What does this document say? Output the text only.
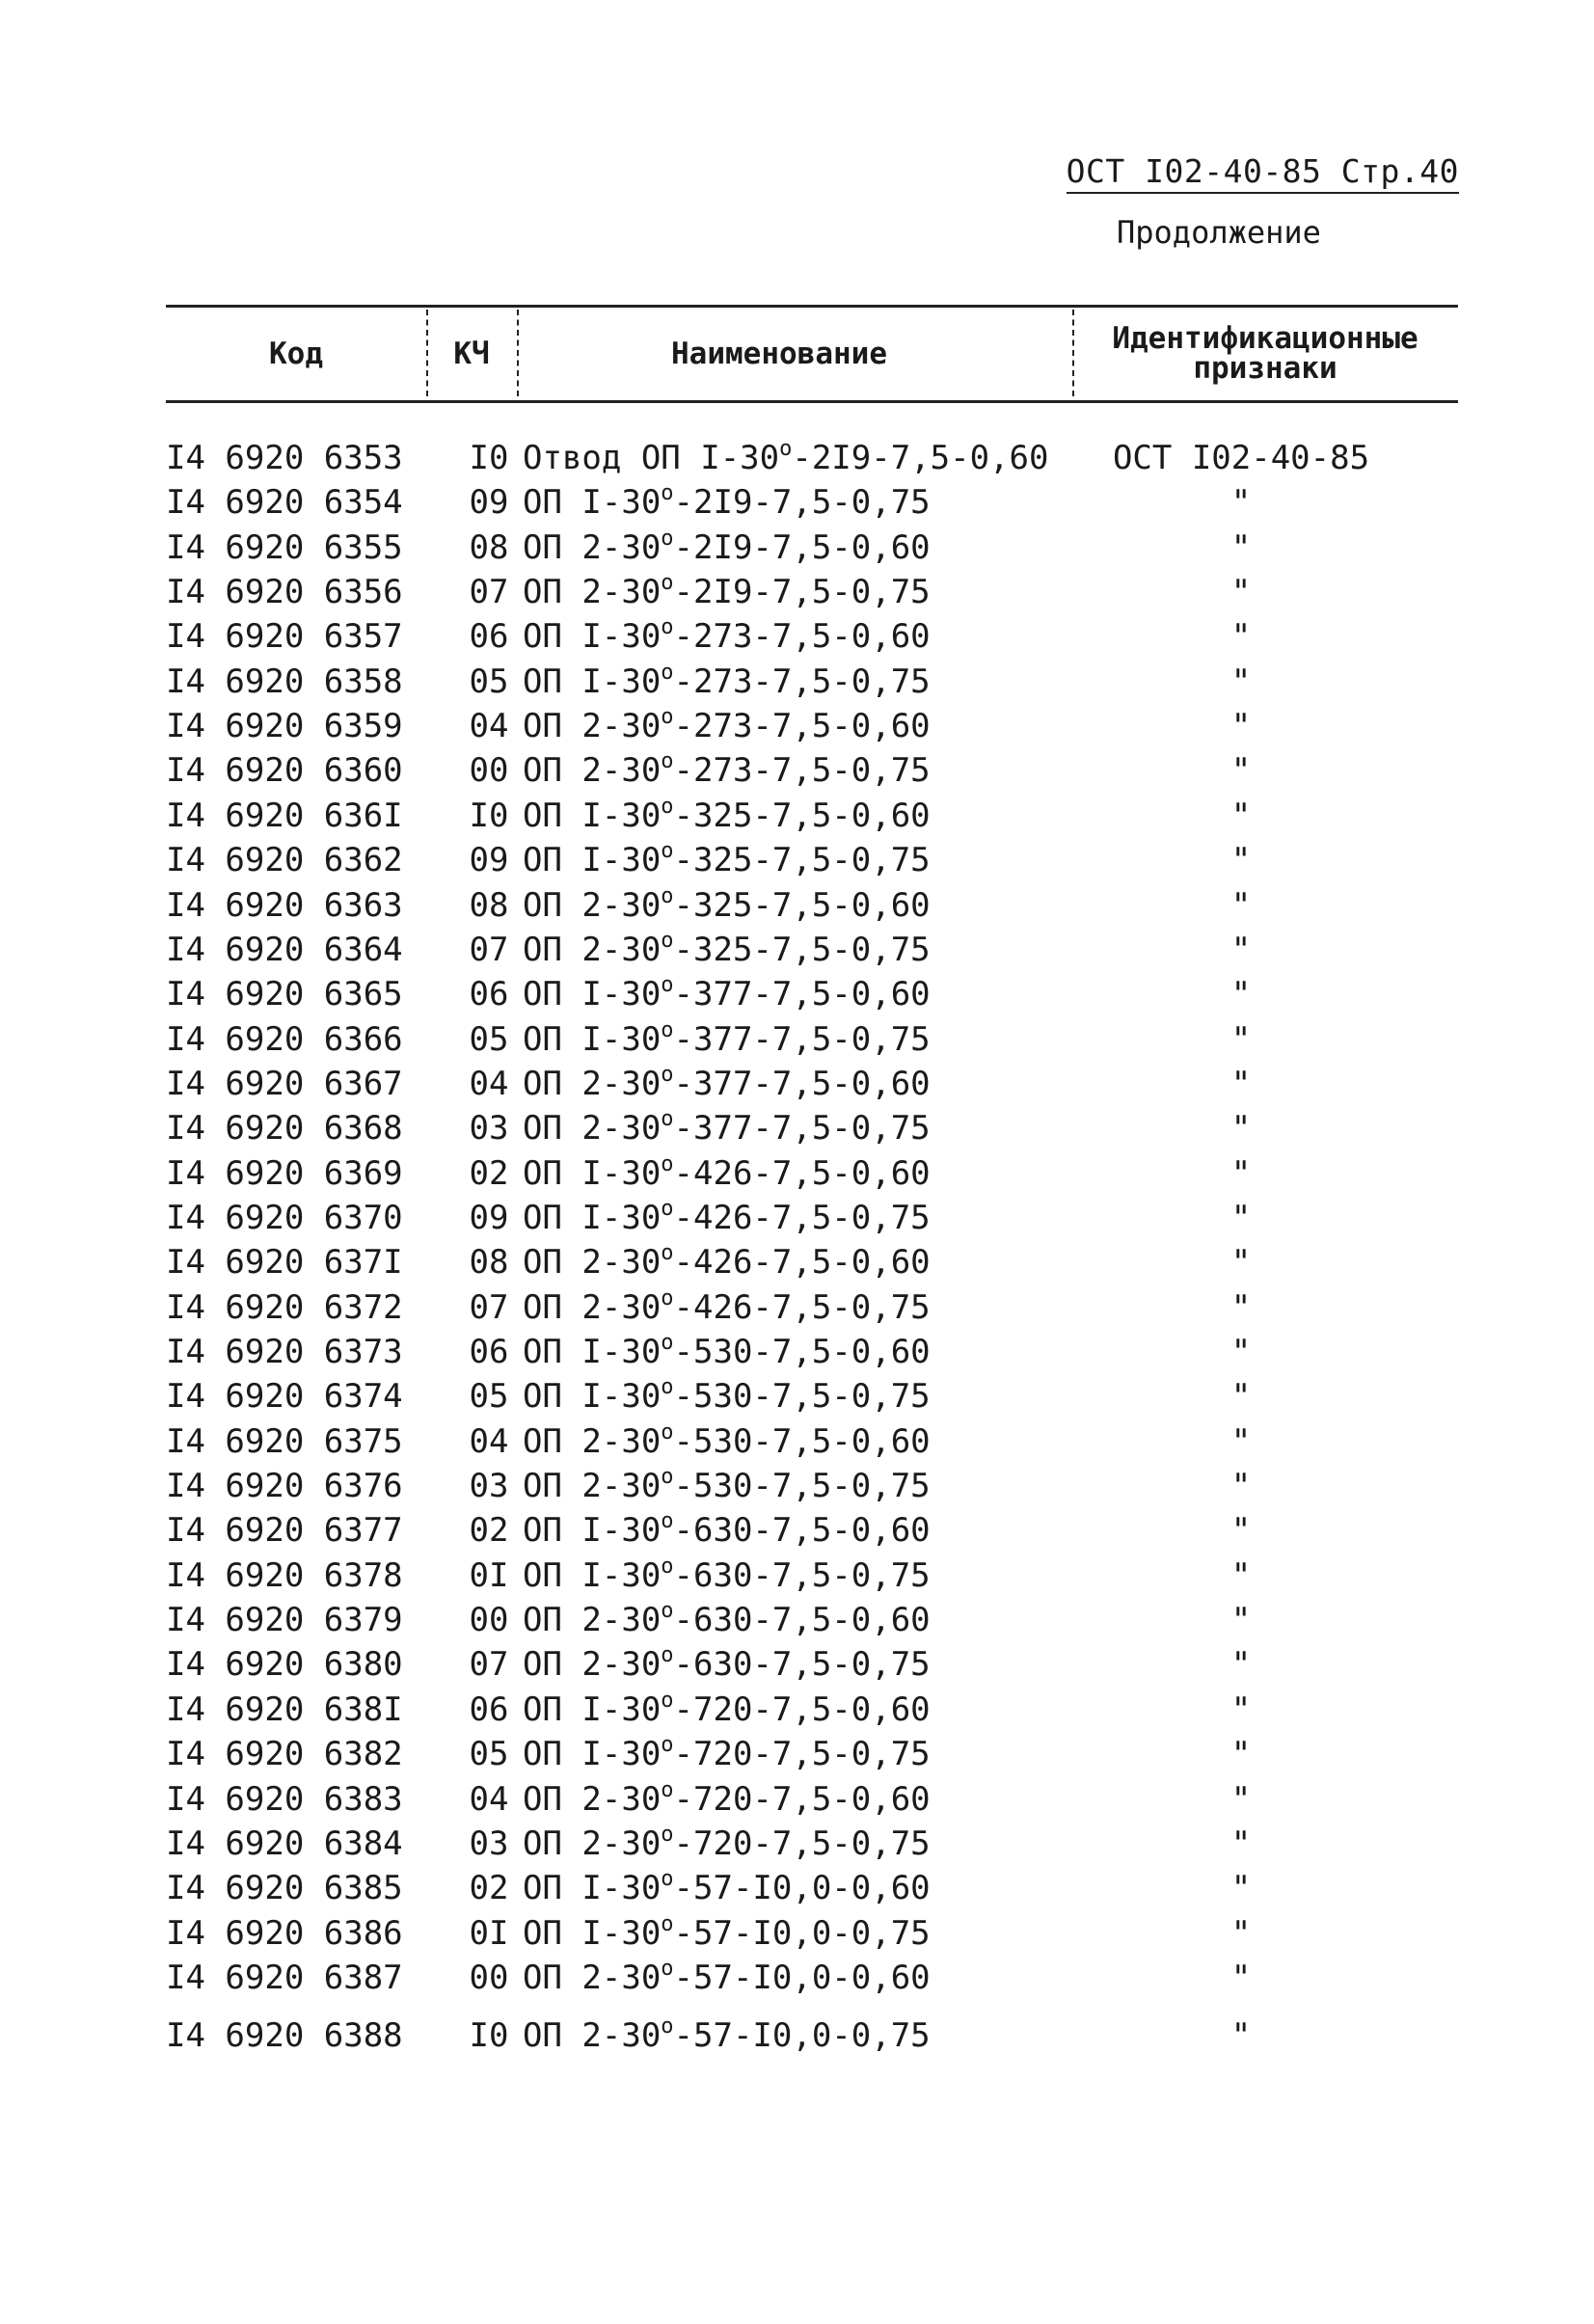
ОСТ I02-40-85 Стр.40
Продолжение
Код	КЧ	Наименование	Идентификационные признаки
I4 6920 6353	I0 Отвод ОП $I-30^о-2I9-7,5-0,60$	ОСТ I02-40-85
I4 6920 6354	09 ОП $I-30^о-2I9-7,5-0,75$	"
I4 6920 6355	08 ОП $2-30^о-2I9-7,5-0,60$	"
I4 6920 6356	07 ОП $2-30^о-2I9-7,5-0,75$	"
I4 6920 6357	06 ОП $I-30^о-273-7,5-0,60$	"
I4 6920 6358	05 ОП $I-30^о-273-7,5-0,75$	"
I4 6920 6359	04 ОП $2-30^о-273-7,5-0,60$	"
I4 6920 6360	00 ОП $2-30^о-273-7,5-0,75$	"
I4 6920 636I	I0 ОП $I-30^о-325-7,5-0,60$	"
I4 6920 6362	09 ОП $I-30^о-325-7,5-0,75$	"
I4 6920 6363	08 ОП $2-30^о-325-7,5-0,60$	"
I4 6920 6364	07 ОП $2-30^о-325-7,5-0,75$	"
I4 6920 6365	06 ОП $I-30^о-377-7,5-0,60$	"
I4 6920 6366	05 ОП $I-30^о-377-7,5-0,75$	"
I4 6920 6367	04 ОП $2-30^о-377-7,5-0,60$	"
I4 6920 6368	03 ОП $2-30^о-377-7,5-0,75$	"
I4 6920 6369	02 ОП $I-30^о-426-7,5-0,60$	"
I4 6920 6370	09 ОП $I-30^о-426-7,5-0,75$	"
I4 6920 637I	08 ОП $2-30^о-426-7,5-0,60$	"
I4 6920 6372	07 ОП $2-30^о-426-7,5-0,75$	"
I4 6920 6373	06 ОП $I-30^о-530-7,5-0,60$	"
I4 6920 6374	05 ОП $I-30^о-530-7,5-0,75$	"
I4 6920 6375	04 ОП $2-30^о-530-7,5-0,60$	"
I4 6920 6376	03 ОП $2-30^о-530-7,5-0,75$	"
I4 6920 6377	02 ОП $I-30^о-630-7,5-0,60$	"
I4 6920 6378	0I ОП $I-30^о-630-7,5-0,75$	"
I4 6920 6379	00 ОП $2-30^о-630-7,5-0,60$	"
I4 6920 6380	07 ОП $2-30^о-630-7,5-0,75$	"
I4 6920 638I	06 ОП $I-30^о-720-7,5-0,60$	"
I4 6920 6382	05 ОП $I-30^о-720-7,5-0,75$	"
I4 6920 6383	04 ОП $2-30^о-720-7,5-0,60$	"
I4 6920 6384	03 ОП $2-30^о-720-7,5-0,75$	"
I4 6920 6385	02 ОП $I-30^о-57-I0,0-0,60$	"
I4 6920 6386	0I ОП $I-30^о-57-I0,0-0,75$	"
I4 6920 6387	00 ОП $2-30^о-57-I0,0-0,60$	"
I4 6920 6388	I0 ОП $2-30^о-57-I0,0-0,75$	"
